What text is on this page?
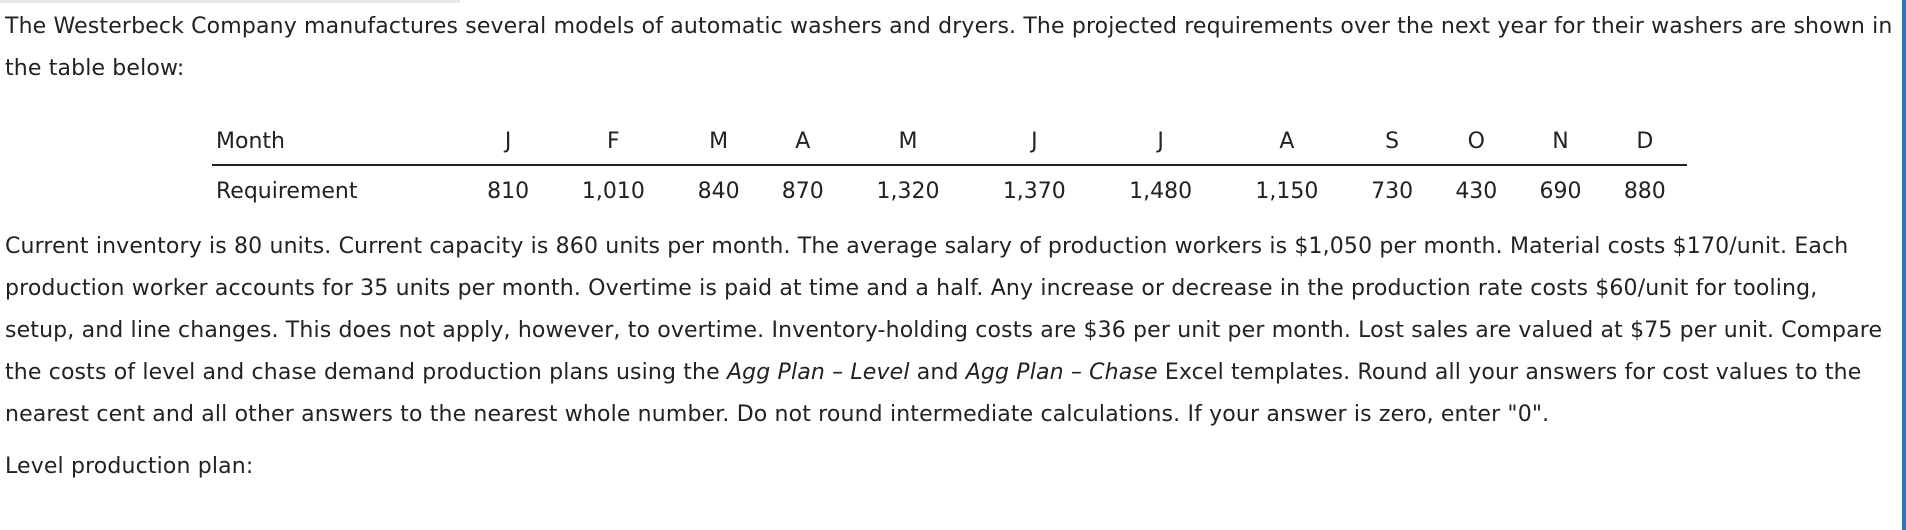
The Westerbeck Company manufactures several models of automatic washers and dryers. The projected requirements over the next year for their washers are shown in the table below:

Month	J	F	M	A	M	J	J	A	S	O	N	D
Requirement	810	1,010	840	870	1,320	1,370	1,480	1,150	730	430	690	880

Current inventory is 80 units. Current capacity is 860 units per month. The average salary of production workers is $1,050 per month. Material costs $170/unit. Each production worker accounts for 35 units per month. Overtime is paid at time and a half. Any increase or decrease in the production rate costs $60/unit for tooling, setup, and line changes. This does not apply, however, to overtime. Inventory-holding costs are $36 per unit per month. Lost sales are valued at $75 per unit. Compare the costs of level and chase demand production plans using the Agg Plan – Level and Agg Plan – Chase Excel templates. Round all your answers for cost values to the nearest cent and all other answers to the nearest whole number. Do not round intermediate calculations. If your answer is zero, enter "0".

Level production plan:
